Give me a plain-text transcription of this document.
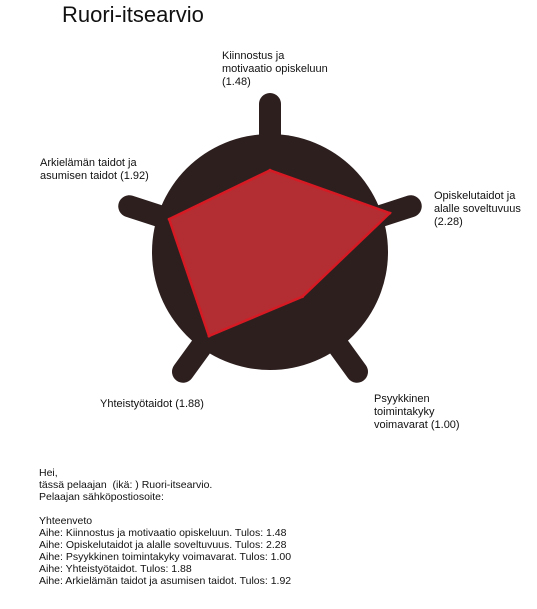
Ruori-itsearvio
Kiinnostus ja
motivaatio opiskeluun
(1.48)
Opiskelutaidot ja
alalle soveltuvuus
(2.28)
Psyykkinen
toimintakyky
voimavarat (1.00)
Yhteistyötaidot (1.88)
Arkielämän taidot ja
asumisen taidot (1.92)
Hei,
tässä pelaajan  (ikä: ) Ruori-itsearvio.
Pelaajan sähköpostiosoite:
Yhteenveto
Aihe: Kiinnostus ja motivaatio opiskeluun. Tulos: 1.48
Aihe: Opiskelutaidot ja alalle soveltuvuus. Tulos: 2.28
Aihe: Psyykkinen toimintakyky voimavarat. Tulos: 1.00
Aihe: Yhteistyötaidot. Tulos: 1.88
Aihe: Arkielämän taidot ja asumisen taidot. Tulos: 1.92
